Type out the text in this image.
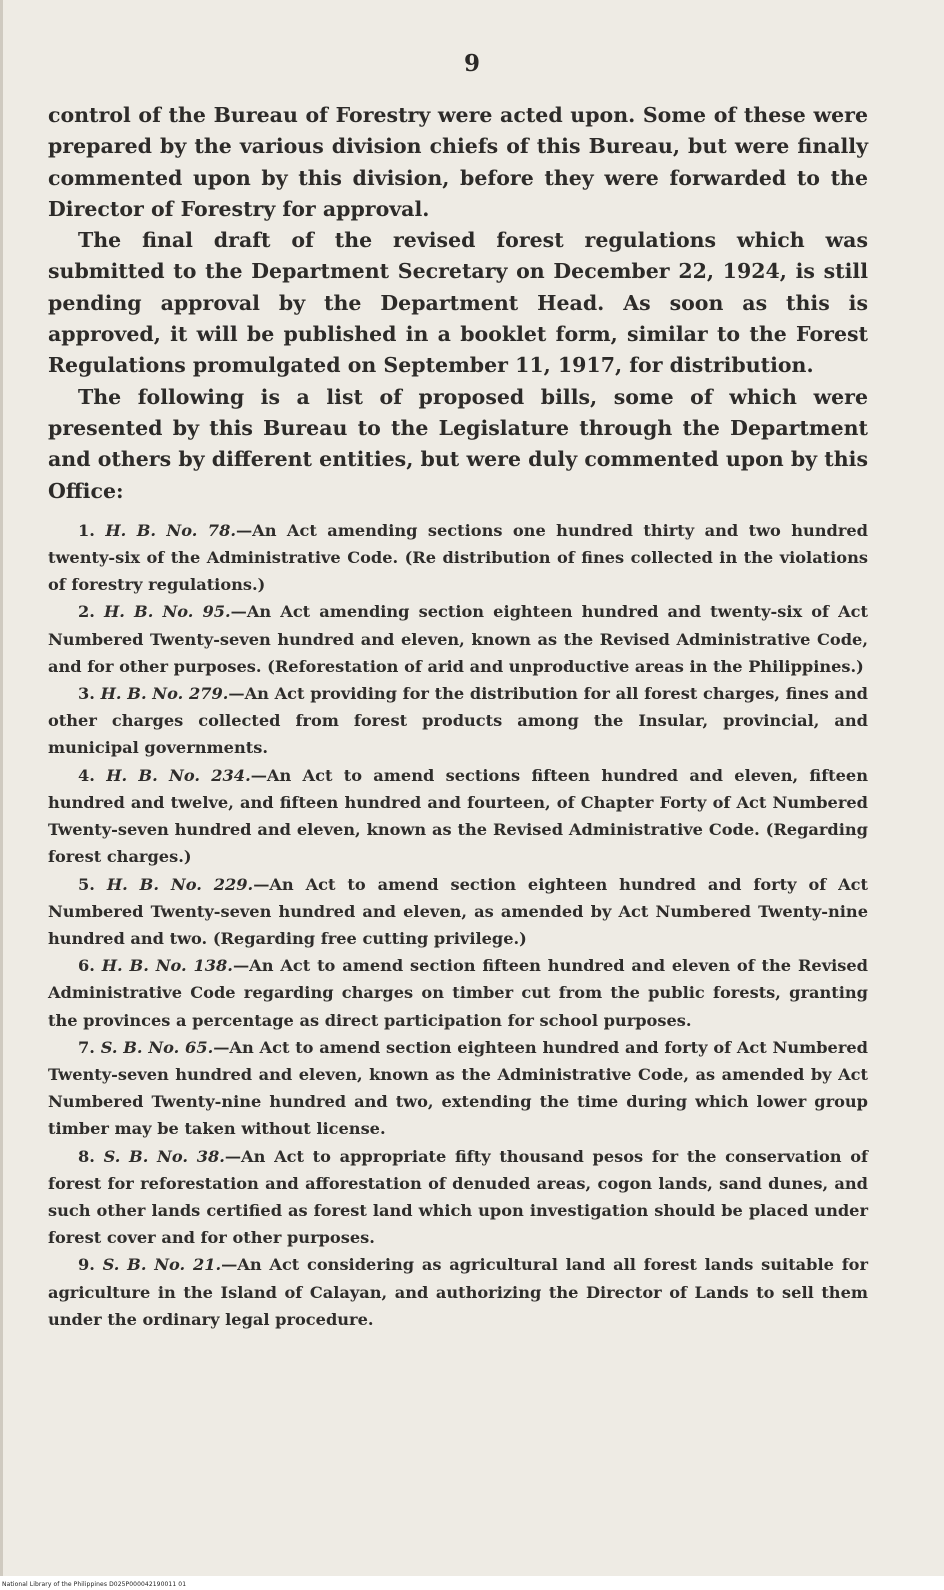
9

control of the Bureau of Forestry were acted upon. Some of these were prepared by the various division chiefs of this Bureau, but were finally commented upon by this division, before they were forwarded to the Director of Forestry for approval.

The final draft of the revised forest regulations which was submitted to the Department Secretary on December 22, 1924, is still pending approval by the Department Head. As soon as this is approved, it will be published in a booklet form, similar to the Forest Regulations promulgated on September 11, 1917, for distribution.

The following is a list of proposed bills, some of which were presented by this Bureau to the Legislature through the Department and others by different entities, but were duly commented upon by this Office:

1. H. B. No. 78.—An Act amending sections one hundred thirty and two hundred twenty-six of the Administrative Code. (Re distribution of fines collected in the violations of forestry regulations.)

2. H. B. No. 95.—An Act amending section eighteen hundred and twenty-six of Act Numbered Twenty-seven hundred and eleven, known as the Revised Administrative Code, and for other purposes. (Reforestation of arid and unproductive areas in the Philippines.)

3. H. B. No. 279.—An Act providing for the distribution for all forest charges, fines and other charges collected from forest products among the Insular, provincial, and municipal governments.

4. H. B. No. 234.—An Act to amend sections fifteen hundred and eleven, fifteen hundred and twelve, and fifteen hundred and fourteen, of Chapter Forty of Act Numbered Twenty-seven hundred and eleven, known as the Revised Administrative Code. (Regarding forest charges.)

5. H. B. No. 229.—An Act to amend section eighteen hundred and forty of Act Numbered Twenty-seven hundred and eleven, as amended by Act Numbered Twenty-nine hundred and two. (Regarding free cutting privilege.)

6. H. B. No. 138.—An Act to amend section fifteen hundred and eleven of the Revised Administrative Code regarding charges on timber cut from the public forests, granting the provinces a percentage as direct participation for school purposes.

7. S. B. No. 65.—An Act to amend section eighteen hundred and forty of Act Numbered Twenty-seven hundred and eleven, known as the Administrative Code, as amended by Act Numbered Twenty-nine hundred and two, extending the time during which lower group timber may be taken without license.

8. S. B. No. 38.—An Act to appropriate fifty thousand pesos for the conservation of forest for reforestation and afforestation of denuded areas, cogon lands, sand dunes, and such other lands certified as forest land which upon investigation should be placed under forest cover and for other purposes.

9. S. B. No. 21.—An Act considering as agricultural land all forest lands suitable for agriculture in the Island of Calayan, and authorizing the Director of Lands to sell them under the ordinary legal procedure.

National Library of the Philippines D025P000042190011 01
